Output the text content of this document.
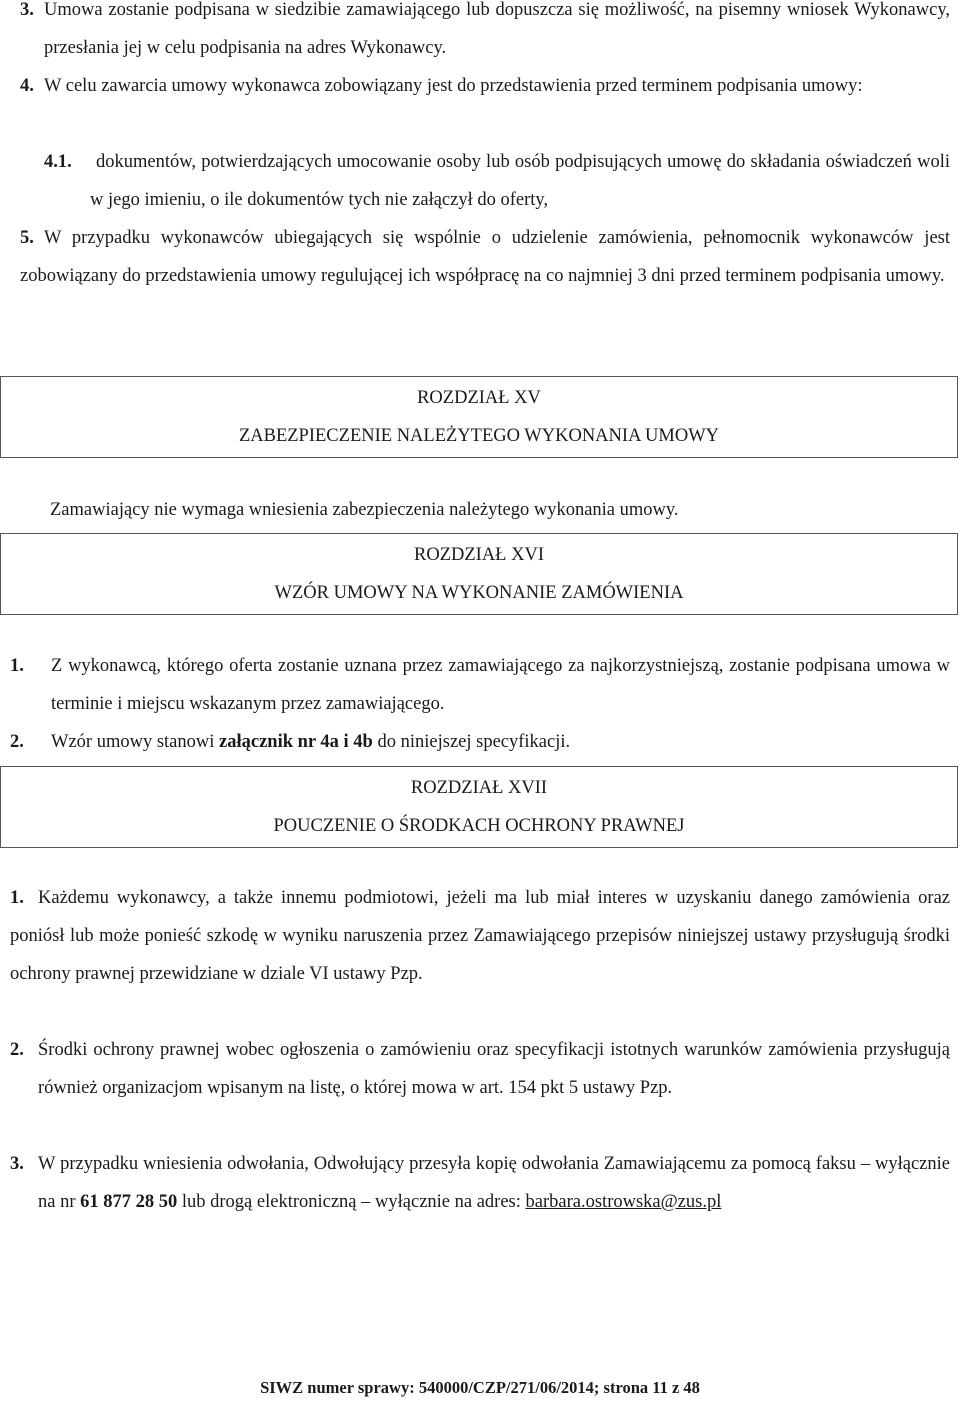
3. Umowa zostanie podpisana w siedzibie zamawiającego lub dopuszcza się możliwość, na pisemny wniosek Wykonawcy, przesłania jej w celu podpisania na adres Wykonawcy.
4. W celu zawarcia umowy wykonawca zobowiązany jest do przedstawienia przed terminem podpisania umowy:
4.1.	dokumentów, potwierdzających umocowanie osoby lub osób podpisujących umowę do składania oświadczeń woli w jego imieniu, o ile dokumentów tych nie załączył do oferty,
5. W przypadku wykonawców ubiegających się wspólnie o udzielenie zamówienia, pełnomocnik wykonawców jest zobowiązany do przedstawienia umowy regulującej ich współpracę na co najmniej 3 dni przed terminem podpisania umowy.
ROZDZIAŁ XV
ZABEZPIECZENIE NALEŻYTEGO WYKONANIA UMOWY
Zamawiający nie wymaga wniesienia zabezpieczenia należytego wykonania umowy.
ROZDZIAŁ XVI
WZÓR UMOWY NA WYKONANIE ZAMÓWIENIA
1. Z wykonawcą, którego oferta zostanie uznana przez zamawiającego za najkorzystniejszą, zostanie podpisana umowa w terminie i miejscu wskazanym przez zamawiającego.
2. Wzór umowy stanowi załącznik nr 4a i 4b do niniejszej specyfikacji.
ROZDZIAŁ XVII
POUCZENIE O ŚRODKACH OCHRONY PRAWNEJ
1. Każdemu wykonawcy, a także innemu podmiotowi, jeżeli ma lub miał interes w uzyskaniu danego zamówienia oraz poniósł lub może ponieść szkodę w wyniku naruszenia przez Zamawiającego przepisów niniejszej ustawy przysługują środki ochrony prawnej przewidziane w dziale VI ustawy Pzp.
2. Środki ochrony prawnej wobec ogłoszenia o zamówieniu oraz specyfikacji istotnych warunków zamówienia przysługują również organizacjom wpisanym na listę, o której mowa w art. 154 pkt 5 ustawy Pzp.
3. W przypadku wniesienia odwołania, Odwołujący przesyła kopię odwołania Zamawiającemu za pomocą faksu – wyłącznie na nr 61 877 28 50 lub drogą elektroniczną – wyłącznie na adres: barbara.ostrowska@zus.pl
SIWZ numer sprawy: 540000/CZP/271/06/2014; strona 11 z 48
